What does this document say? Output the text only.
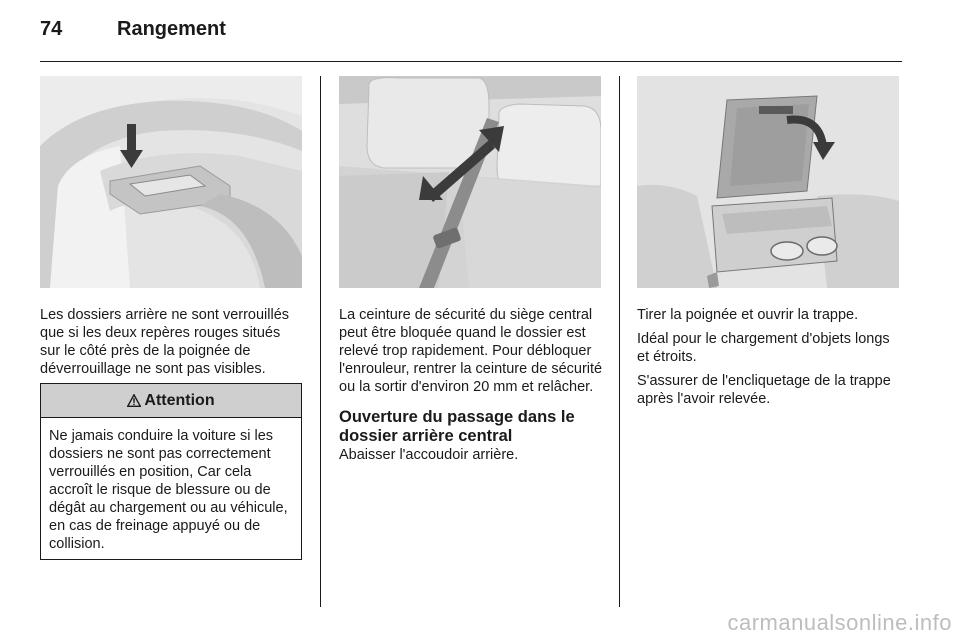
74	Rangement

Les dossiers arrière ne sont verrouillés que si les deux repères rouges situés sur le côté près de la poignée de déverrouillage ne sont pas visibles.

Attention
Ne jamais conduire la voiture si les dossiers ne sont pas correctement verrouillés en position, Car cela accroît le risque de blessure ou de dégât au chargement ou au véhicule, en cas de freinage appuyé ou de collision.

La ceinture de sécurité du siège central peut être bloquée quand le dossier est relevé trop rapidement. Pour débloquer l'enrouleur, rentrer la ceinture de sécurité ou la sortir d'environ 20 mm et relâcher.

Ouverture du passage dans le dossier arrière central

Abaisser l'accoudoir arrière.

Tirer la poignée et ouvrir la trappe.

Idéal pour le chargement d'objets longs et étroits.

S'assurer de l'encliquetage de la trappe après l'avoir relevée.

carmanualsonline.info
